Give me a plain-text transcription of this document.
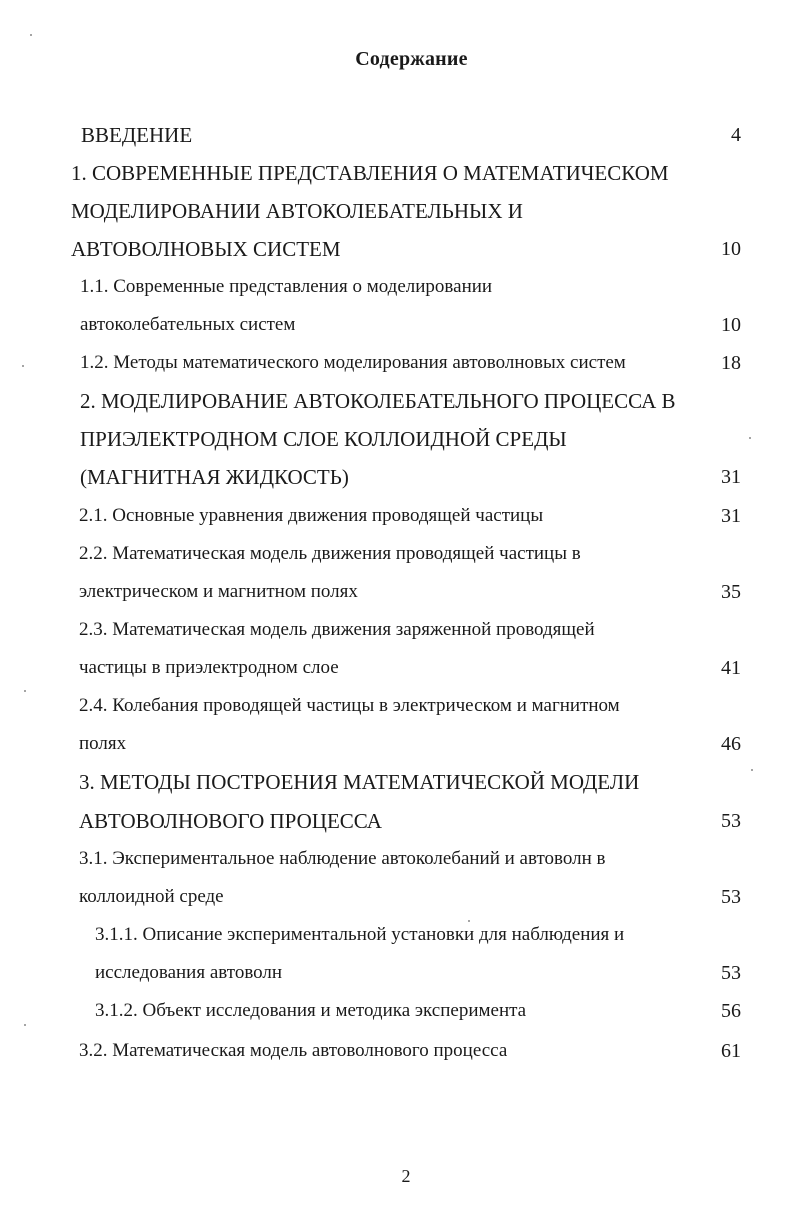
Содержание
ВВЕДЕНИЕ	4
1. СОВРЕМЕННЫЕ ПРЕДСТАВЛЕНИЯ О МАТЕМАТИЧЕСКОМ
МОДЕЛИРОВАНИИ АВТОКОЛЕБАТЕЛЬНЫХ И
АВТОВОЛНОВЫХ СИСТЕМ	10
1.1. Современные представления о моделировании
автоколебательных систем	10
1.2. Методы математического моделирования автоволновых систем	18
2. МОДЕЛИРОВАНИЕ АВТОКОЛЕБАТЕЛЬНОГО ПРОЦЕССА В
ПРИЭЛЕКТРОДНОМ СЛОЕ КОЛЛОИДНОЙ СРЕДЫ
(МАГНИТНАЯ ЖИДКОСТЬ)	31
2.1. Основные уравнения движения проводящей частицы	31
2.2. Математическая модель движения проводящей частицы в
электрическом и магнитном полях	35
2.3. Математическая модель движения заряженной проводящей
частицы в приэлектродном слое	41
2.4. Колебания проводящей частицы в электрическом и магнитном
полях	46
3. МЕТОДЫ ПОСТРОЕНИЯ МАТЕМАТИЧЕСКОЙ МОДЕЛИ
АВТОВОЛНОВОГО ПРОЦЕССА	53
3.1. Экспериментальное наблюдение автоколебаний и автоволн в
коллоидной среде	53
3.1.1. Описание экспериментальной установки для наблюдения и
исследования автоволн	53
3.1.2. Объект исследования и методика эксперимента	56
3.2. Математическая модель автоволнового процесса	61
2
